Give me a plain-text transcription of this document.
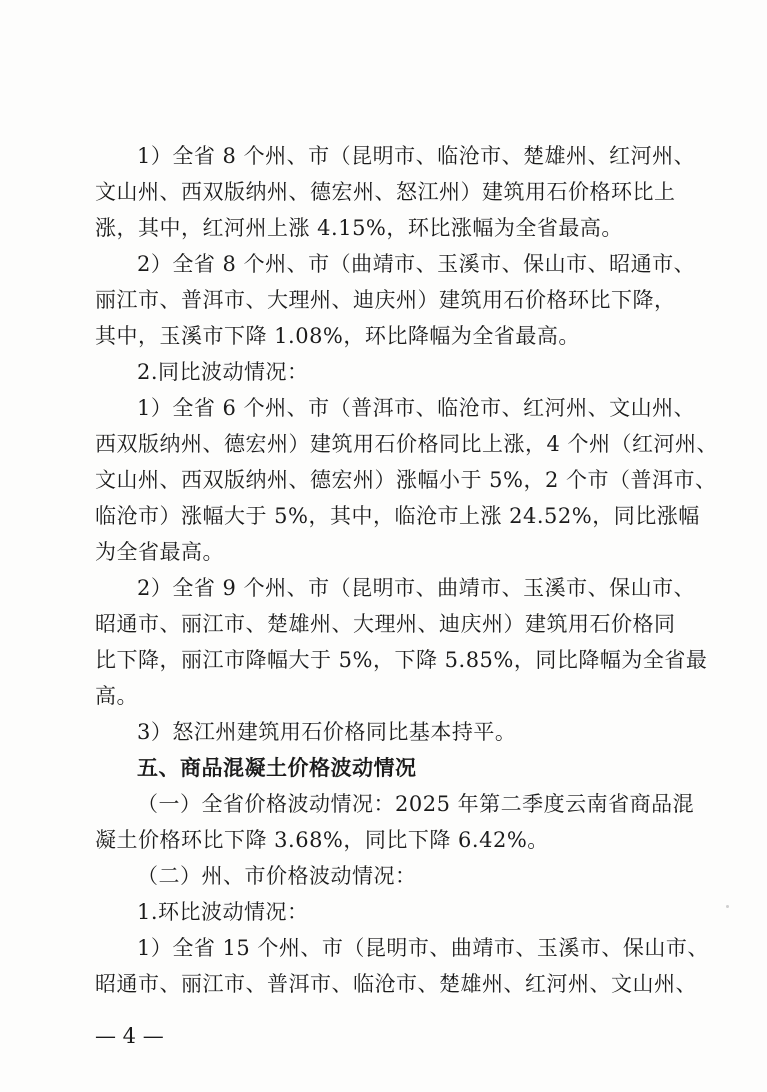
1）全省 8 个州、市（昆明市、临沧市、楚雄州、红河州、
文山州、西双版纳州、德宏州、怒江州）建筑用石价格环比上
涨，其中，红河州上涨 4.15%，环比涨幅为全省最高。
2）全省 8 个州、市（曲靖市、玉溪市、保山市、昭通市、
丽江市、普洱市、大理州、迪庆州）建筑用石价格环比下降，
其中，玉溪市下降 1.08%，环比降幅为全省最高。
2.同比波动情况：
1）全省 6 个州、市（普洱市、临沧市、红河州、文山州、
西双版纳州、德宏州）建筑用石价格同比上涨，4 个州（红河州、
文山州、西双版纳州、德宏州）涨幅小于 5%，2 个市（普洱市、
临沧市）涨幅大于 5%，其中，临沧市上涨 24.52%，同比涨幅
为全省最高。
2）全省 9 个州、市（昆明市、曲靖市、玉溪市、保山市、
昭通市、丽江市、楚雄州、大理州、迪庆州）建筑用石价格同
比下降，丽江市降幅大于 5%，下降 5.85%，同比降幅为全省最
高。
3）怒江州建筑用石价格同比基本持平。
五、商品混凝土价格波动情况
（一）全省价格波动情况：2025 年第二季度云南省商品混
凝土价格环比下降 3.68%，同比下降 6.42%。
（二）州、市价格波动情况：
1.环比波动情况：
1）全省 15 个州、市（昆明市、曲靖市、玉溪市、保山市、
昭通市、丽江市、普洱市、临沧市、楚雄州、红河州、文山州、
— 4 —
